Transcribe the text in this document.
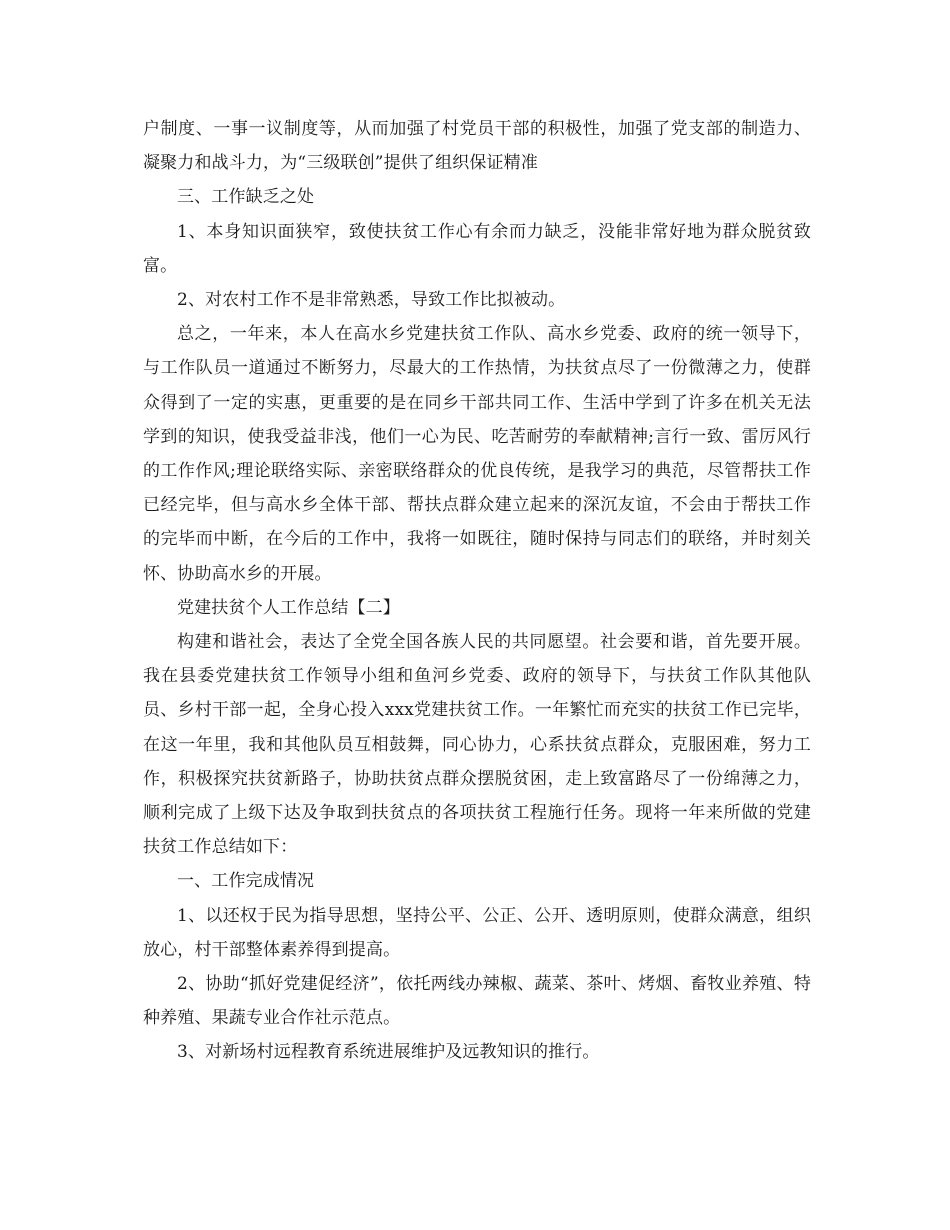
户制度、一事一议制度等，从而加强了村党员干部的积极性，加强了党支部的制造力、凝聚力和战斗力，为“三级联创”提供了组织保证精准

三、工作缺乏之处

1、本身知识面狭窄，致使扶贫工作心有余而力缺乏，没能非常好地为群众脱贫致富。

2、对农村工作不是非常熟悉，导致工作比拟被动。

总之，一年来，本人在高水乡党建扶贫工作队、高水乡党委、政府的统一领导下，与工作队员一道通过不断努力，尽最大的工作热情，为扶贫点尽了一份微薄之力，使群众得到了一定的实惠，更重要的是在同乡干部共同工作、生活中学到了许多在机关无法学到的知识，使我受益非浅，他们一心为民、吃苦耐劳的奉献精神;言行一致、雷厉风行的工作作风;理论联络实际、亲密联络群众的优良传统，是我学习的典范，尽管帮扶工作已经完毕，但与高水乡全体干部、帮扶点群众建立起来的深沉友谊，不会由于帮扶工作的完毕而中断，在今后的工作中，我将一如既往，随时保持与同志们的联络，并时刻关怀、协助高水乡的开展。

党建扶贫个人工作总结【二】

构建和谐社会，表达了全党全国各族人民的共同愿望。社会要和谐，首先要开展。我在县委党建扶贫工作领导小组和鱼河乡党委、政府的领导下，与扶贫工作队其他队员、乡村干部一起，全身心投入xxx党建扶贫工作。一年繁忙而充实的扶贫工作已完毕，在这一年里，我和其他队员互相鼓舞，同心协力，心系扶贫点群众，克服困难，努力工作，积极探究扶贫新路子，协助扶贫点群众摆脱贫困，走上致富路尽了一份绵薄之力，顺利完成了上级下达及争取到扶贫点的各项扶贫工程施行任务。现将一年来所做的党建扶贫工作总结如下：

一、工作完成情况

1、以还权于民为指导思想，坚持公平、公正、公开、透明原则，使群众满意，组织放心，村干部整体素养得到提高。

2、协助“抓好党建促经济”，依托两线办辣椒、蔬菜、茶叶、烤烟、畜牧业养殖、特种养殖、果蔬专业合作社示范点。

3、对新场村远程教育系统进展维护及远教知识的推行。
